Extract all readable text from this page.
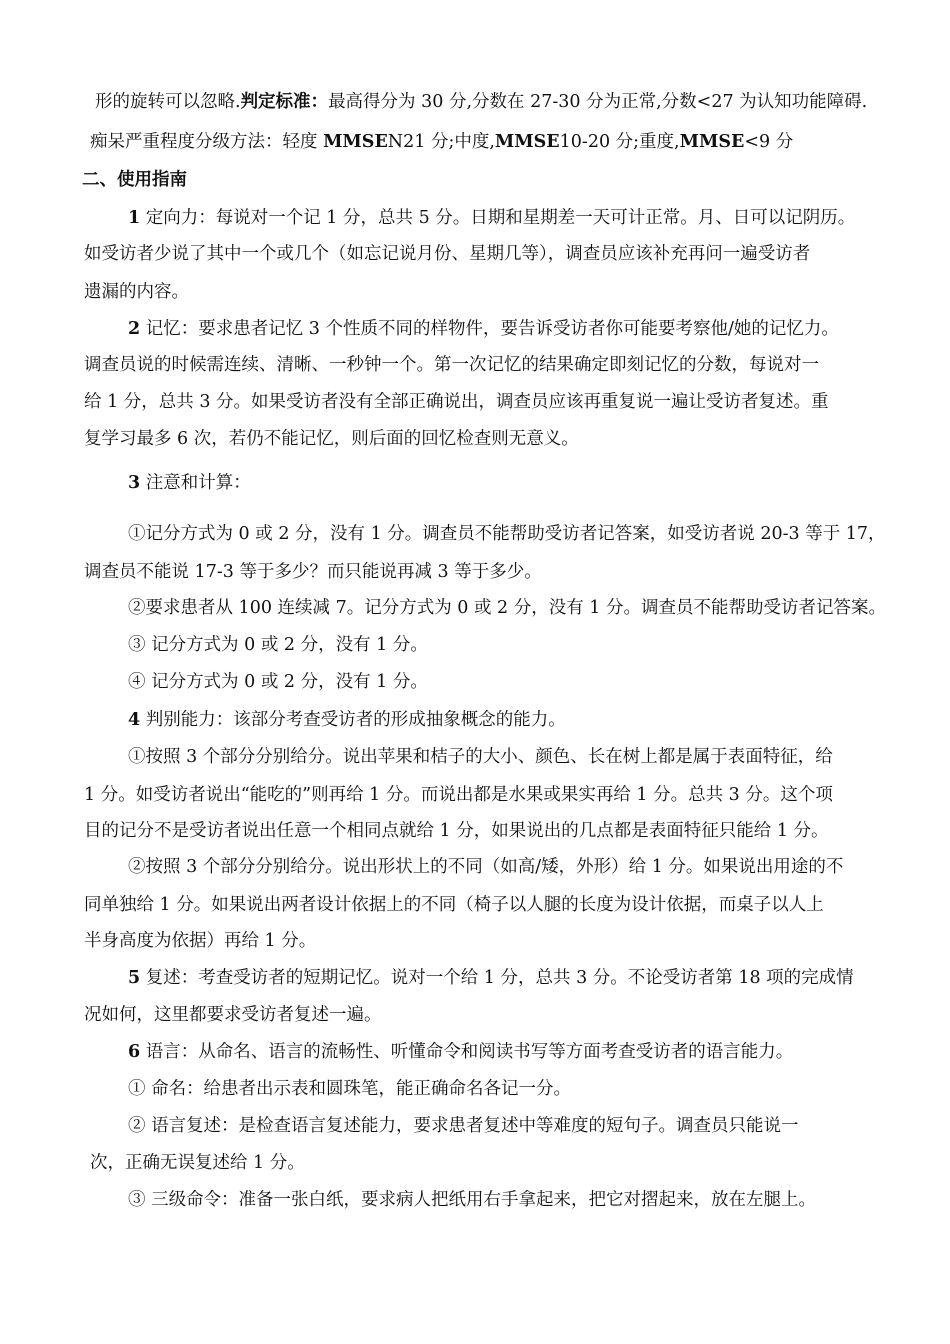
形的旋转可以忽略.判定标准：最高得分为 30 分,分数在 27-30 分为正常,分数<27 为认知功能障碍.
痴呆严重程度分级方法：轻度 MMSEN21 分;中度,MMSE10-20 分;重度,MMSE<9 分
二、使用指南
1 定向力：每说对一个记 1 分，总共 5 分。日期和星期差一天可计正常。月、日可以记阴历。
如受访者少说了其中一个或几个（如忘记说月份、星期几等），调查员应该补充再问一遍受访者
遗漏的内容。
2 记忆：要求患者记忆 3 个性质不同的样物件，要告诉受访者你可能要考察他/她的记忆力。
调查员说的时候需连续、清晰、一秒钟一个。第一次记忆的结果确定即刻记忆的分数，每说对一
给 1 分，总共 3 分。如果受访者没有全部正确说出，调查员应该再重复说一遍让受访者复述。重
复学习最多 6 次，若仍不能记忆，则后面的回忆检查则无意义。
3 注意和计算：
①记分方式为 0 或 2 分，没有 1 分。调查员不能帮助受访者记答案，如受访者说 20-3 等于 17，
调查员不能说 17-3 等于多少？而只能说再减 3 等于多少。
②要求患者从 100 连续减 7。记分方式为 0 或 2 分，没有 1 分。调查员不能帮助受访者记答案。
③ 记分方式为 0 或 2 分，没有 1 分。
④ 记分方式为 0 或 2 分，没有 1 分。
4 判别能力：该部分考查受访者的形成抽象概念的能力。
①按照 3 个部分分别给分。说出苹果和桔子的大小、颜色、长在树上都是属于表面特征，给
1 分。如受访者说出“能吃的”则再给 1 分。而说出都是水果或果实再给 1 分。总共 3 分。这个项
目的记分不是受访者说出任意一个相同点就给 1 分，如果说出的几点都是表面特征只能给 1 分。
②按照 3 个部分分别给分。说出形状上的不同（如高/矮，外形）给 1 分。如果说出用途的不
同单独给 1 分。如果说出两者设计依据上的不同（椅子以人腿的长度为设计依据，而桌子以人上
半身高度为依据）再给 1 分。
5 复述：考查受访者的短期记忆。说对一个给 1 分，总共 3 分。不论受访者第 18 项的完成情
况如何，这里都要求受访者复述一遍。
6 语言：从命名、语言的流畅性、听懂命令和阅读书写等方面考查受访者的语言能力。
① 命名：给患者出示表和圆珠笔，能正确命名各记一分。
② 语言复述：是检查语言复述能力，要求患者复述中等难度的短句子。调查员只能说一
次，正确无误复述给 1 分。
③ 三级命令：准备一张白纸，要求病人把纸用右手拿起来，把它对摺起来，放在左腿上。
